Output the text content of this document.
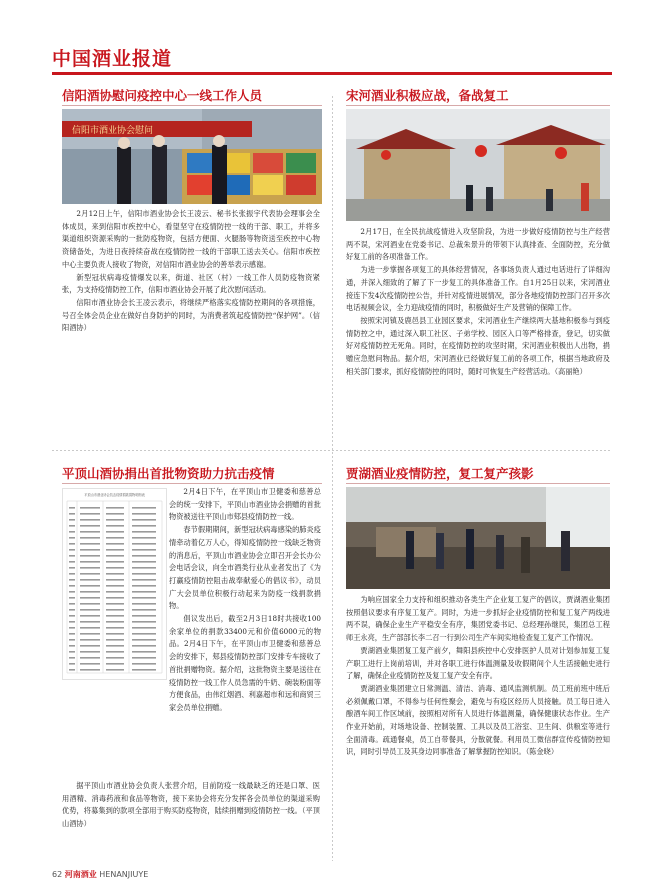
中国酒业报道
信阳酒协慰问疫控中心一线工作人员
信阳市酒业协会慰问

2月12日上午，信阳市酒业协会长王凌云、秘书长张振宇代表协会理事会全体成员，来到信阳市疾控中心，看望坚守在疫情防控一线的干部、职工，并将多渠道组织资源采购的一批防疫物资，包括方便面、火腿肠等物资送至疾控中心物资储备处，为进日夜持续奋战在疫情防控一线的干部职工送去关心。信阳市疾控中心主要负责人接收了物资，对信阳市酒业协会的善举表示感谢。

新型冠状病毒疫情爆发以来，街道、社区（村）一线工作人员防疫物资紧张，为支持疫情防控工作，信阳市酒业协会开展了此次慰问活动。

信阳市酒业协会长王凌云表示，将继续严格落实疫情防控期间的各项措施，号召全体会员企业在做好自身防护的同时，为消费者筑起疫情防控“保护网”。（信阳酒协）

宋河酒业积极应战，备战复工

2月17日，在全民抗战疫情进入攻坚阶段，为进一步做好疫情防控与生产经营两不误，宋河酒业在党委书记、总裁朱景升的带领下认真排查、全面防控，充分做好复工前的各项准备工作。

为进一步掌握各项复工的具体经营情况，各事场负责人通过电话进行了详细沟通，并深入细致的了解了下一步复工的具体准备工作。自1月25日以来，宋河酒业接连下发4次疫情防控公告，并针对疫情进展情况，部分各地疫情防控部门召开多次电话视频会议，全力迎战疫情的同时，积极做好生产及营销的保障工作。

按照宋河镇及鹿邑县工业园区要求，宋河酒业生产继续两大基地积极参与到疫情防控之中，通过深入职工社区、子弟学校、园区入口等严格排查，登记，切实做好对疫情防控无死角。同时，在疫情防控的攻坚时期，宋河酒业积极出人出物，捐赠应急慰问物品。据介绍，宋河酒业已经做好复工前的各项工作，根据当地政府及相关部门要求，抓好疫情防控的同时，随时可恢复生产经营活动。（高丽艳）

平顶山酒协捐出首批物资助力抗击疫情
平顶山市酒业协会抗击疫情捐款捐物明细表	2月4日下午，在平顶山市卫健委和慈善总会的统一安排下，平顶山市酒业协会捐赠的首批物资被送往平顶山市郏县疫情防控一线。

春节假期期间，新型冠状病毒感染的肺炎疫情牵动着亿万人心，得知疫情防控一线缺乏物资的消息后，平顶山市酒业协会立即召开会长办公会电话会议，向全市酒类行业从业者发出了《为打赢疫情防控阻击战奉献爱心的倡议书》，动员广大会员单位积极行动起来为防疫一线捐款捐物。

倡议发出后，截至2月3日18时共接收100余家单位的捐款33400元和价值6000元的物品。2月4日下午，在平顶山市卫健委和慈善总会的安排下，郏县疫情防控部门安排专车接收了首批捐赠物资。据介绍，这批物资主要是送往在疫情防控一线工作人员急需的牛奶、碗装粉面等方便食品，由伟红烟酒、利嘉超市和远和商贸三家会员单位捐赠。

据平顶山市酒业协会负责人张营介绍，目前防疫一线最缺乏的还是口罩、医用酒精、消毒药液和食品等物资，接下来协会将充分发挥各会员单位的渠道采购优势，将募集到的款项全部用于购买防疫物资，陆续捐赠到疫情防控一线。（平顶山酒协）

贾湖酒业疫情防控，复工复产孩影

为响应国家全力支持和组织推动各类生产企业复工复产的倡议，贾湖酒业集团按照倡议要求有序复工复产。同时，为进一步抓好企业疫情防控和复工复产两线进两不误，确保企业生产平稳安全有序，集团党委书记、总经理孙继民，集团总工程师王永亮，生产部部长李二召一行到公司生产车间实地检查复工复产工作情况。

贾湖酒业集团复工复产前夕，舞阳县疾控中心安排医护人员对计划参加复工复产职工进行上岗前培训，并对各职工进行体温测量及收假期间个人生活接触史进行了解，确保企业疫情防控及复工复产安全有序。

贾湖酒业集团建立日常测温、清洁、消毒、通风监测机制。员工班前班中班后必须佩戴口罩，不得参与任何性聚会，避免与有疫区经历人员接触。员工每日进入酿酒车间工作区域前，按照相对所有人员进行体温测量，确保健康状态作业。生产作业开始前，对场地设备、控制装置、工具以及员工浴室、卫生间、供粮室等进行全面清毒。疏通餐桌，员工自带餐具，分散就餐。利用员工微信群宣传疫情防控知识，同时引导员工及其身边同事准备了解掌握防控知识。（陈金晓）

62 河南酒业 HENANJIUYE
